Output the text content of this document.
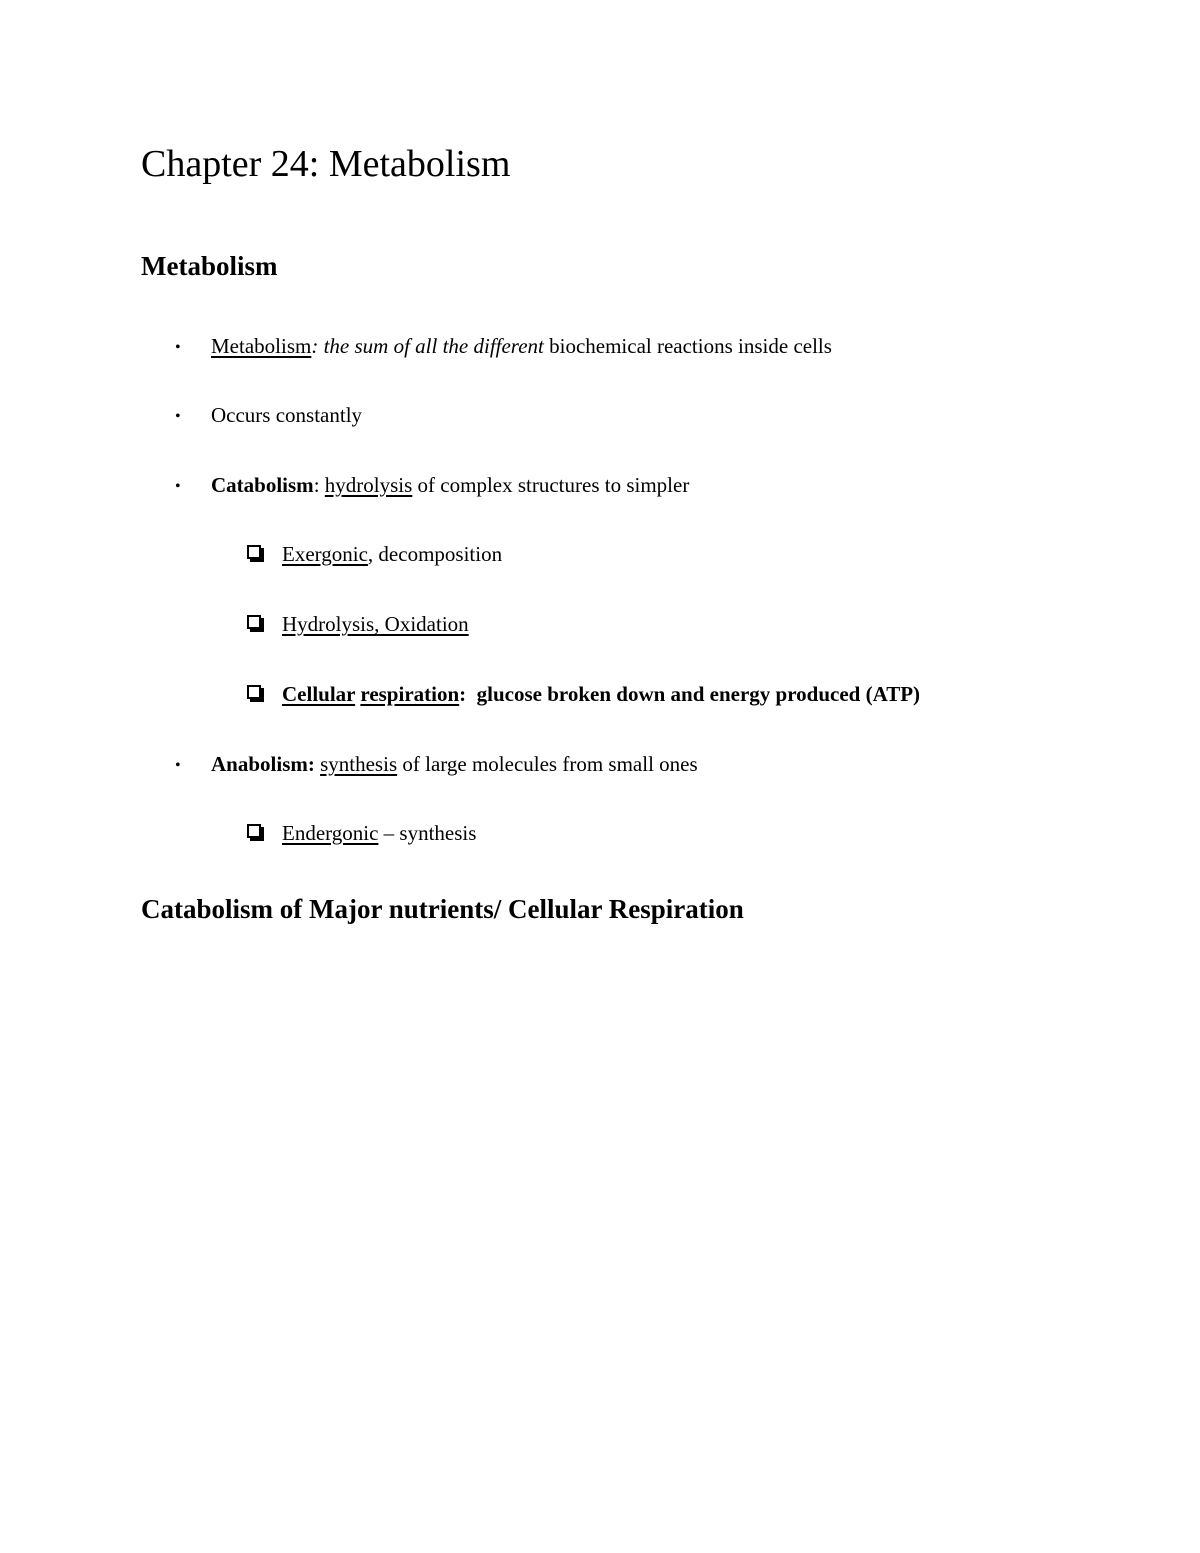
Chapter 24: Metabolism
Metabolism
• Metabolism: the sum of all the different biochemical reactions inside cells
• Occurs constantly
• Catabolism: hydrolysis of complex structures to simpler
Exergonic, decomposition
Hydrolysis, Oxidation
Cellular respiration:  glucose broken down and energy produced (ATP)
• Anabolism: synthesis of large molecules from small ones
Endergonic – synthesis
Catabolism of Major nutrients/ Cellular Respiration
